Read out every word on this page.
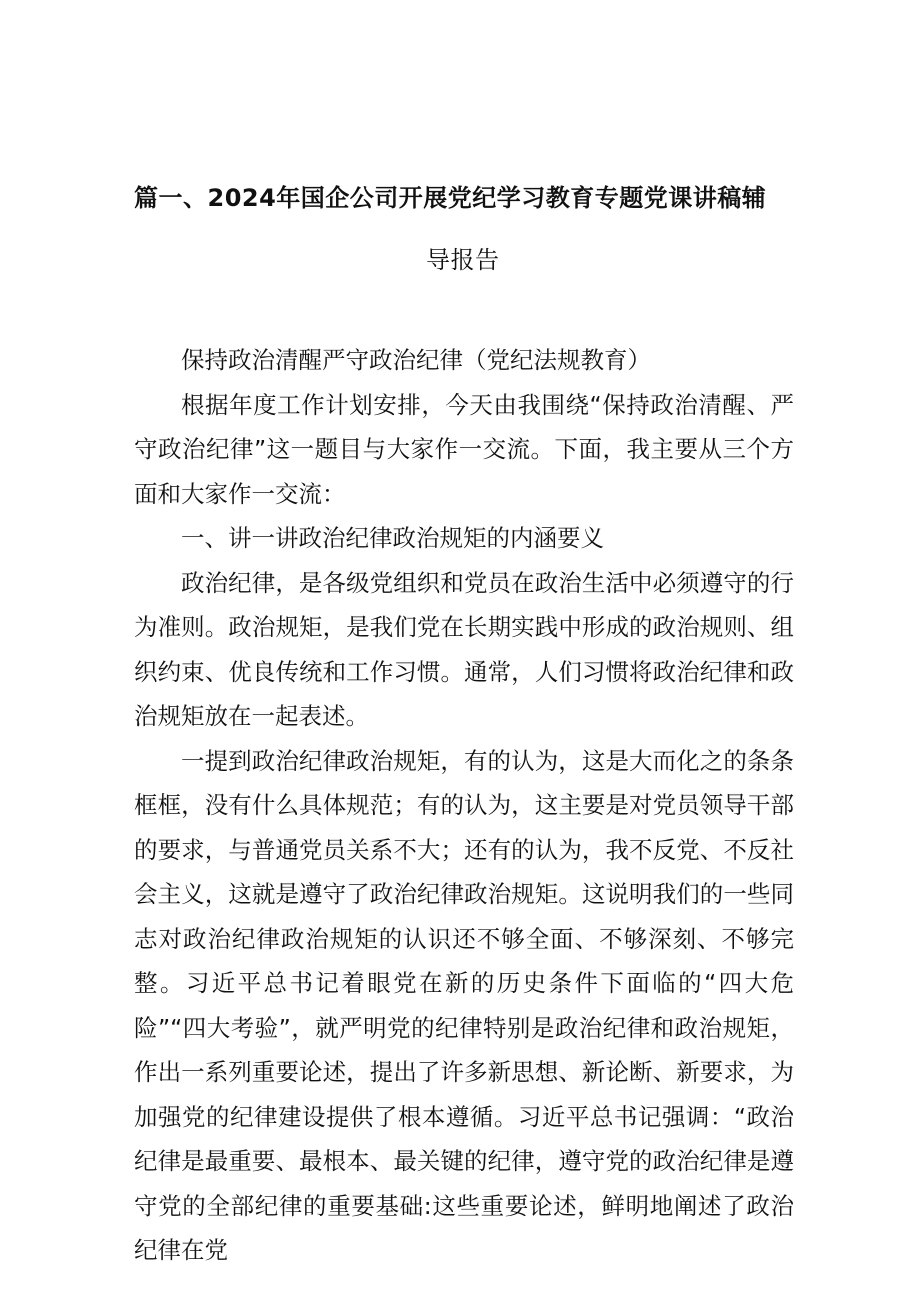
篇一、2024年国企公司开展党纪学习教育专题党课讲稿辅
导报告

保持政治清醒严守政治纪律（党纪法规教育）

根据年度工作计划安排，今天由我围绕“保持政治清醒、严守政治纪律”这一题目与大家作一交流。下面，我主要从三个方面和大家作一交流：

一、讲一讲政治纪律政治规矩的内涵要义

政治纪律，是各级党组织和党员在政治生活中必须遵守的行为准则。政治规矩，是我们党在长期实践中形成的政治规则、组织约束、优良传统和工作习惯。通常，人们习惯将政治纪律和政治规矩放在一起表述。

一提到政治纪律政治规矩，有的认为，这是大而化之的条条框框，没有什么具体规范；有的认为，这主要是对党员领导干部的要求，与普通党员关系不大；还有的认为，我不反党、不反社会主义，这就是遵守了政治纪律政治规矩。这说明我们的一些同志对政治纪律政治规矩的认识还不够全面、不够深刻、不够完整。习近平总书记着眼党在新的历史条件下面临的“四大危险”“四大考验”，就严明党的纪律特别是政治纪律和政治规矩，作出一系列重要论述，提出了许多新思想、新论断、新要求，为加强党的纪律建设提供了根本遵循。习近平总书记强调：“政治纪律是最重要、最根本、最关键的纪律，遵守党的政治纪律是遵守党的全部纪律的重要基础:这些重要论述，鲜明地阐述了政治纪律在党
